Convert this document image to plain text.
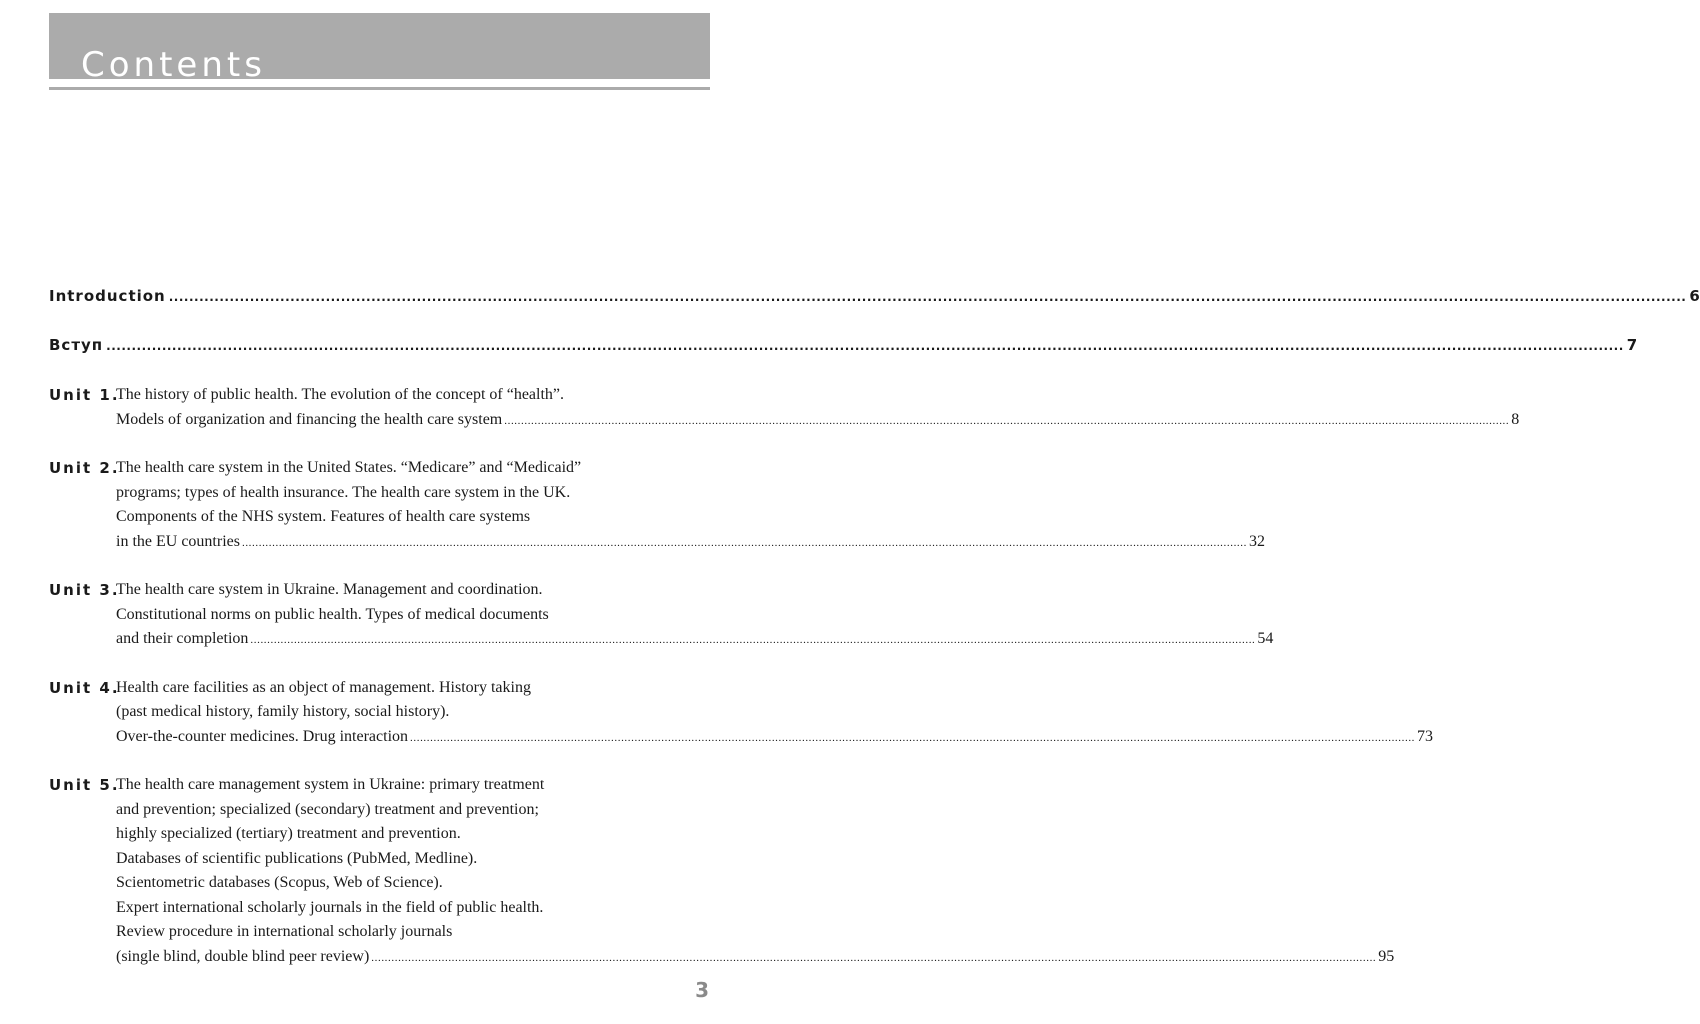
Contents
Introduction ............................................................................................................................................................................................................................................................................................................ 6
Вступ ............................................................................................................................................................................................................................................................................................................ 7
Unit 1.
The history of public health. The evolution of the concept of “health”.
Models of organization and financing the health care system ............................................................................................................................................................................................................................................................................................................ 8
Unit 2.
The health care system in the United States. “Medicare” and “Medicaid”
programs; types of health insurance. The health care system in the UK.
Components of the NHS system. Features of health care systems
in the EU countries ............................................................................................................................................................................................................................................................................................................ 32
Unit 3.
The health care system in Ukraine. Management and coordination.
Constitutional norms on public health. Types of medical documents
and their completion ............................................................................................................................................................................................................................................................................................................ 54
Unit 4.
Health care facilities as an object of management. History taking
(past medical history, family history, social history).
Over-the-counter medicines. Drug interaction ............................................................................................................................................................................................................................................................................................................ 73
Unit 5.
The health care management system in Ukraine: primary treatment
and prevention; specialized (secondary) treatment and prevention;
highly specialized (tertiary) treatment and prevention.
Databases of scientific publications (PubMed, Medline).
Scientometric databases (Scopus, Web of Science).
Expert international scholarly journals in the field of public health.
Review procedure in international scholarly journals
(single blind, double blind peer review) ............................................................................................................................................................................................................................................................................................................ 95
3
